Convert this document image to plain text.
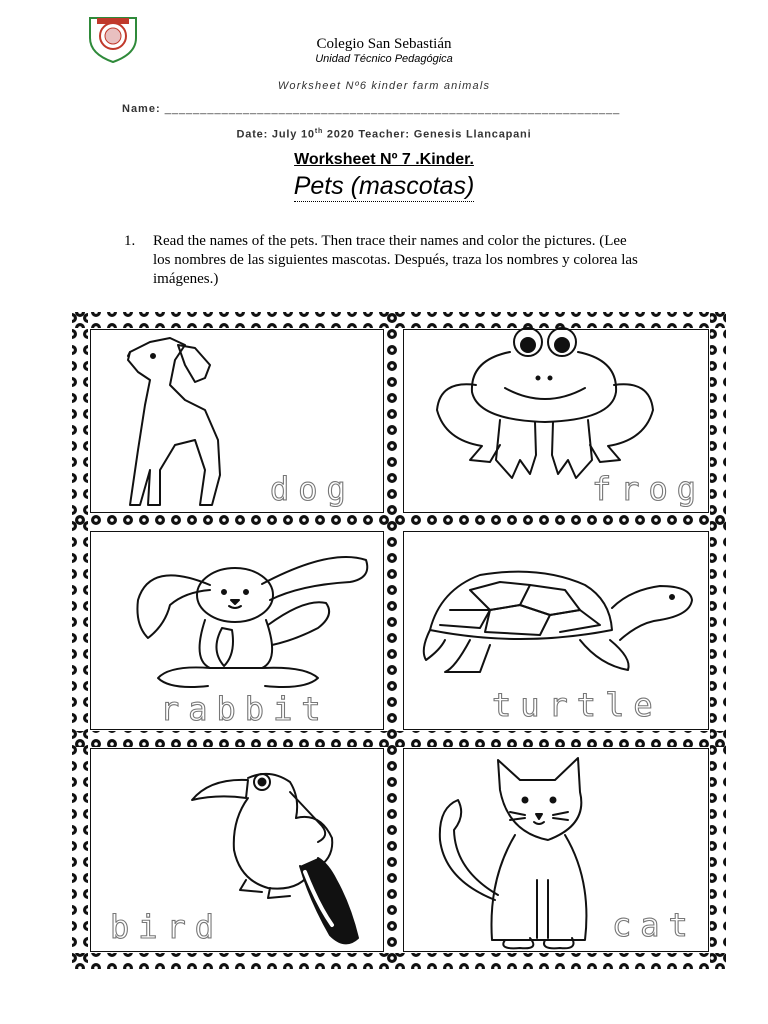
Colegio San Sebastián
Unidad Técnico Pedagógica
Worksheet Nº6 kinder farm animals
Name: ________________________________________________________________
Date: July 10th 2020 Teacher: Genesis Llancapani
Worksheet Nº 7 .Kinder.
Pets (mascotas)
1. Read the names of the pets. Then trace their names and color the pictures. (Lee los nombres de las siguientes mascotas. Después, traza los nombres y colorea las imágenes.)
dog	frog
rabbit	turtle
bird	cat
